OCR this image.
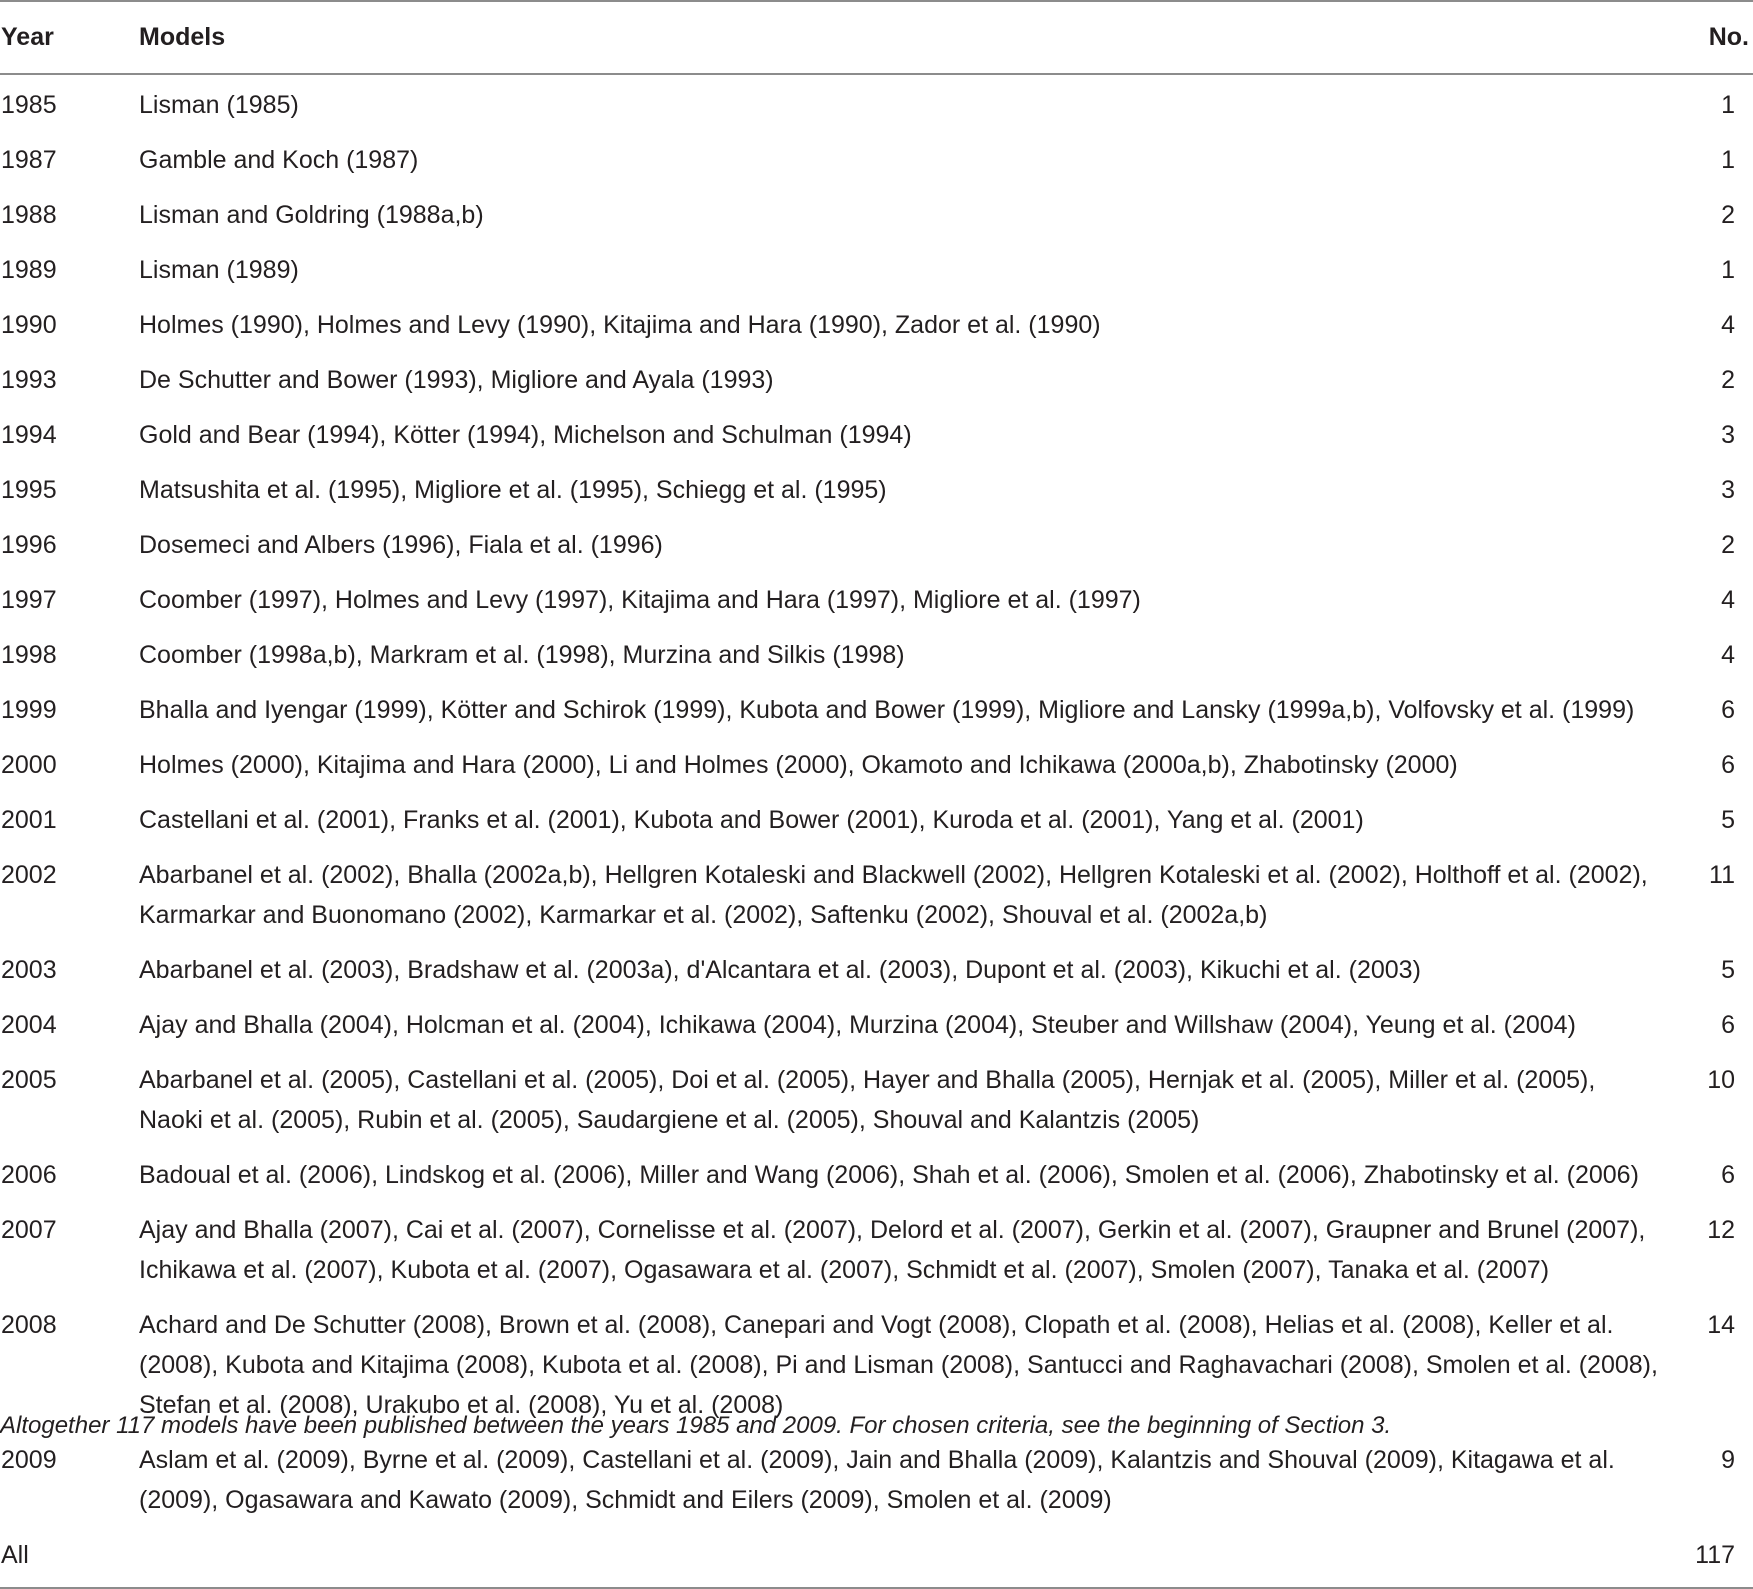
Year	Models	No.
1985	Lisman (1985)	1
1987	Gamble and Koch (1987)	1
1988	Lisman and Goldring (1988a,b)	2
1989	Lisman (1989)	1
1990	Holmes (1990), Holmes and Levy (1990), Kitajima and Hara (1990), Zador et al. (1990)	4
1993	De Schutter and Bower (1993), Migliore and Ayala (1993)	2
1994	Gold and Bear (1994), Kötter (1994), Michelson and Schulman (1994)	3
1995	Matsushita et al. (1995), Migliore et al. (1995), Schiegg et al. (1995)	3
1996	Dosemeci and Albers (1996), Fiala et al. (1996)	2
1997	Coomber (1997), Holmes and Levy (1997), Kitajima and Hara (1997), Migliore et al. (1997)	4
1998	Coomber (1998a,b), Markram et al. (1998), Murzina and Silkis (1998)	4
1999	Bhalla and Iyengar (1999), Kötter and Schirok (1999), Kubota and Bower (1999), Migliore and Lansky (1999a,b), Volfovsky et al. (1999)	6
2000	Holmes (2000), Kitajima and Hara (2000), Li and Holmes (2000), Okamoto and Ichikawa (2000a,b), Zhabotinsky (2000)	6
2001	Castellani et al. (2001), Franks et al. (2001), Kubota and Bower (2001), Kuroda et al. (2001), Yang et al. (2001)	5
2002	Abarbanel et al. (2002), Bhalla (2002a,b), Hellgren Kotaleski and Blackwell (2002), Hellgren Kotaleski et al. (2002), Holthoff et al. (2002), Karmarkar and Buonomano (2002), Karmarkar et al. (2002), Saftenku (2002), Shouval et al. (2002a,b)	11
2003	Abarbanel et al. (2003), Bradshaw et al. (2003a), d'Alcantara et al. (2003), Dupont et al. (2003), Kikuchi et al. (2003)	5
2004	Ajay and Bhalla (2004), Holcman et al. (2004), Ichikawa (2004), Murzina (2004), Steuber and Willshaw (2004), Yeung et al. (2004)	6
2005	Abarbanel et al. (2005), Castellani et al. (2005), Doi et al. (2005), Hayer and Bhalla (2005), Hernjak et al. (2005), Miller et al. (2005), Naoki et al. (2005), Rubin et al. (2005), Saudargiene et al. (2005), Shouval and Kalantzis (2005)	10
2006	Badoual et al. (2006), Lindskog et al. (2006), Miller and Wang (2006), Shah et al. (2006), Smolen et al. (2006), Zhabotinsky et al. (2006)	6
2007	Ajay and Bhalla (2007), Cai et al. (2007), Cornelisse et al. (2007), Delord et al. (2007), Gerkin et al. (2007), Graupner and Brunel (2007), Ichikawa et al. (2007), Kubota et al. (2007), Ogasawara et al. (2007), Schmidt et al. (2007), Smolen (2007), Tanaka et al. (2007)	12
2008	Achard and De Schutter (2008), Brown et al. (2008), Canepari and Vogt (2008), Clopath et al. (2008), Helias et al. (2008), Keller et al. (2008), Kubota and Kitajima (2008), Kubota et al. (2008), Pi and Lisman (2008), Santucci and Raghavachari (2008), Smolen et al. (2008), Stefan et al. (2008), Urakubo et al. (2008), Yu et al. (2008)	14
2009	Aslam et al. (2009), Byrne et al. (2009), Castellani et al. (2009), Jain and Bhalla (2009), Kalantzis and Shouval (2009), Kitagawa et al. (2009), Ogasawara and Kawato (2009), Schmidt and Eilers (2009), Smolen et al. (2009)	9
All		117
Altogether 117 models have been published between the years 1985 and 2009. For chosen criteria, see the beginning of Section 3.
